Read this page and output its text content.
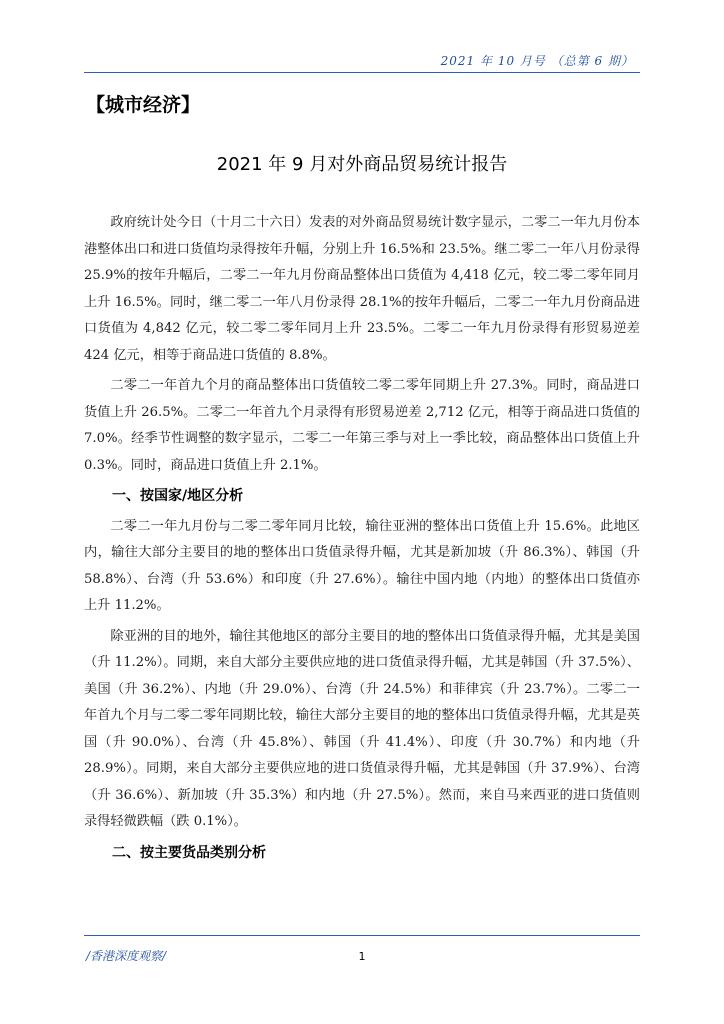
2021 年 10 月号 （总第 6 期）
【城市经济】
2021 年 9 月对外商品贸易统计报告

政府统计处今日（十月二十六日）发表的对外商品贸易统计数字显示，二零二一年九月份本港整体出口和进口货值均录得按年升幅，分别上升 16.5%和 23.5%。继二零二一年八月份录得 25.9%的按年升幅后，二零二一年九月份商品整体出口货值为 4,418 亿元，较二零二零年同月上升 16.5%。同时，继二零二一年八月份录得 28.1%的按年升幅后，二零二一年九月份商品进口货值为 4,842 亿元，较二零二零年同月上升 23.5%。二零二一年九月份录得有形贸易逆差 424 亿元，相等于商品进口货值的 8.8%。

二零二一年首九个月的商品整体出口货值较二零二零年同期上升 27.3%。同时，商品进口货值上升 26.5%。二零二一年首九个月录得有形贸易逆差 2,712 亿元，相等于商品进口货值的 7.0%。经季节性调整的数字显示，二零二一年第三季与对上一季比较，商品整体出口货值上升 0.3%。同时，商品进口货值上升 2.1%。

一、按国家/地区分析

二零二一年九月份与二零二零年同月比较，输往亚洲的整体出口货值上升 15.6%。此地区内，输往大部分主要目的地的整体出口货值录得升幅，尤其是新加坡（升 86.3%）、韩国（升 58.8%）、台湾（升 53.6%）和印度（升 27.6%）。输往中国内地（内地）的整体出口货值亦上升 11.2%。

除亚洲的目的地外，输往其他地区的部分主要目的地的整体出口货值录得升幅，尤其是美国（升 11.2%）。同期，来自大部分主要供应地的进口货值录得升幅，尤其是韩国（升 37.5%）、美国（升 36.2%）、内地（升 29.0%）、台湾（升 24.5%）和菲律宾（升 23.7%）。二零二一年首九个月与二零二零年同期比较，输往大部分主要目的地的整体出口货值录得升幅，尤其是英国（升 90.0%）、台湾（升 45.8%）、韩国（升 41.4%）、印度（升 30.7%）和内地（升 28.9%）。同期，来自大部分主要供应地的进口货值录得升幅，尤其是韩国（升 37.9%）、台湾（升 36.6%）、新加坡（升 35.3%）和内地（升 27.5%）。然而，来自马来西亚的进口货值则录得轻微跌幅（跌 0.1%）。

二、按主要货品类别分析

/香港深度观察/	1
